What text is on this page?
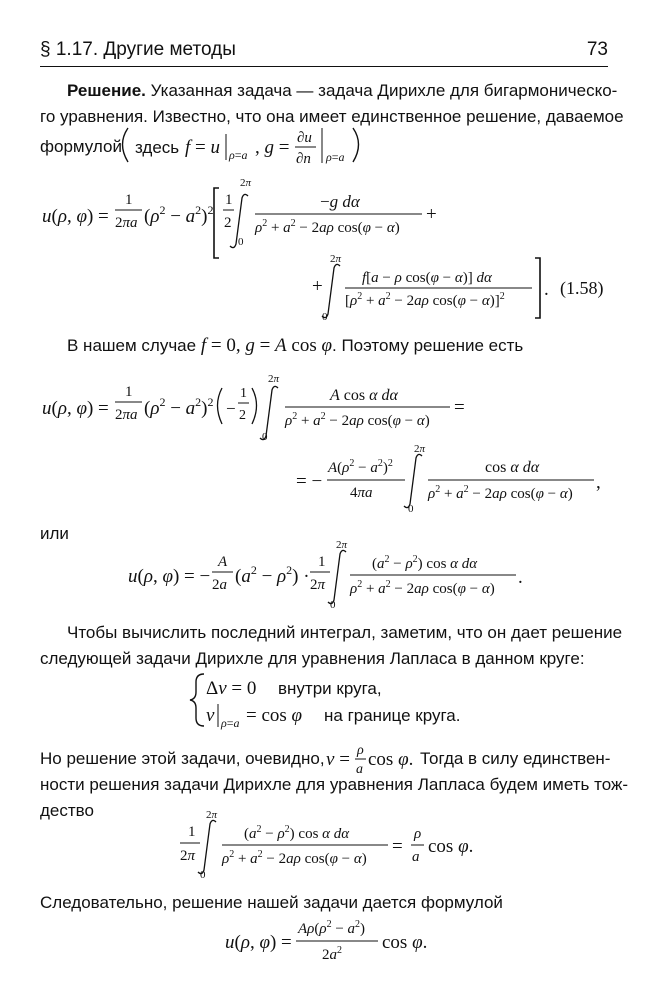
§ 1.17. Другие методы	73
Решение. Указанная задача — задача Дирихле для бигармоническо-
го уравнения. Известно, что она имеет единственное решение, даваемое
формулой здесь f = u ρ=a , g = ∂u
∂n ρ=a
u(ρ, φ) =
1
2πa $(\rho^2 - a^2)^2$
1
2
2π
0
−g dα
$\rho^2 + a^2 - 2a\rho$ cos(φ − α)
+
+
2π
0
f[a − ρ cos(φ − α)] dα
[$\rho^2 + a^2 - 2a\rho$ cos(φ − α)]$^2$ . (1.58)
В нашем случае f = 0, g = A cos φ. Поэтому решение есть
u(ρ, φ) =
1
2πa $(\rho^2 - a^2)^2$ −
1
2
2π
0
A cos α dα
$\rho^2 + a^2 - 2a\rho$ cos(φ − α)
=
= −
$A(\rho^2 - a^2)^2$
4πa
2π
0
cos α dα
$\rho^2 + a^2 - 2a\rho$ cos(φ − α)
,
или
u(ρ, φ) = −
A
2a $(a^2 - \rho^2)$ ·
1
2π
2π
0
$(a^2 - \rho^2)$ cos α dα
$\rho^2 + a^2 - 2a\rho$ cos(φ − α)
.
Чтобы вычислить последний интеграл, заметим, что он дает решение
следующей задачи Дирихле для уравнения Лапласа в данном круге:
Δv = 0 внутри круга,
v ρ=a = cos φ на границе круга.
Но решение этой задачи, очевидно, v = ρ
a cos φ. Тогда в силу единствен-
ности решения задачи Дирихле для уравнения Лапласа будем иметь тож-
дество
1
2π
2π
0
$(a^2 - \rho^2)$ cos α dα
$\rho^2 + a^2 - 2a\rho$ cos(φ − α)
=
ρ
a cos φ.
Следовательно, решение нашей задачи дается формулой
u(ρ, φ) =
$A\rho(\rho^2 - a^2)$
$2a^2$ cos φ.
